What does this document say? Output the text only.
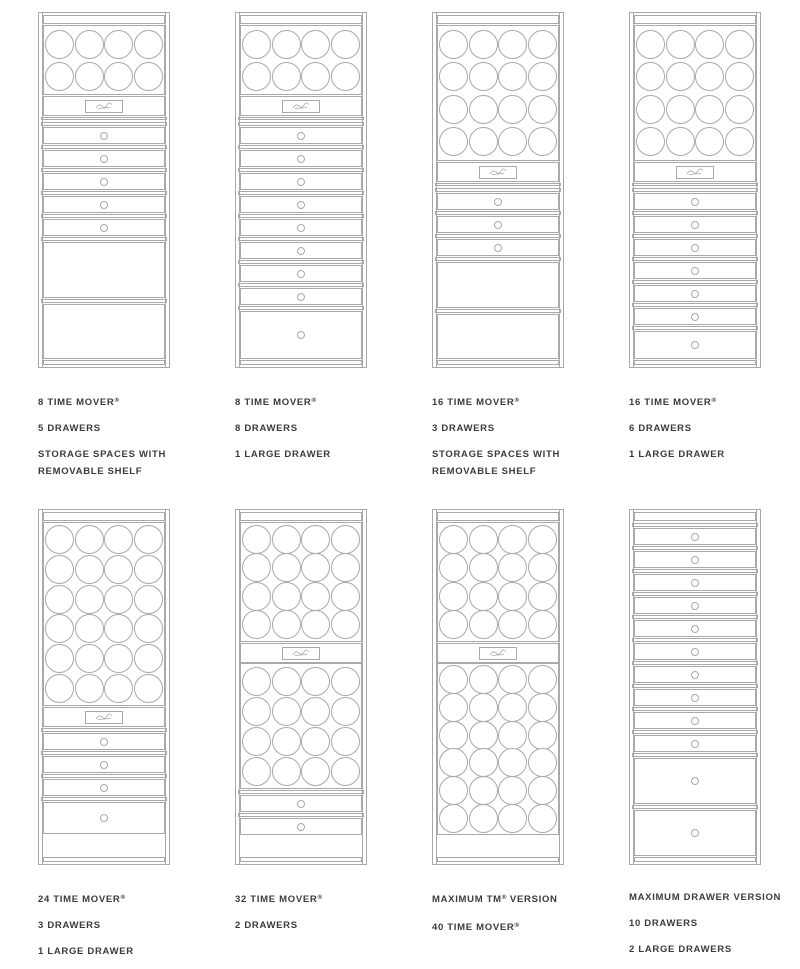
8 TIME MOVER®
5 DRAWERS
STORAGE SPACES WITH REMOVABLE SHELF
8 TIME MOVER®
8 DRAWERS
1 LARGE DRAWER
16 TIME MOVER®
3 DRAWERS
STORAGE SPACES WITH REMOVABLE SHELF
16 TIME MOVER®
6 DRAWERS
1 LARGE DRAWER
24 TIME MOVER®
3 DRAWERS
1 LARGE DRAWER
32 TIME MOVER®
2 DRAWERS
MAXIMUM TM® VERSION
40 TIME MOVER®
MAXIMUM DRAWER VERSION
10 DRAWERS
2 LARGE DRAWERS
